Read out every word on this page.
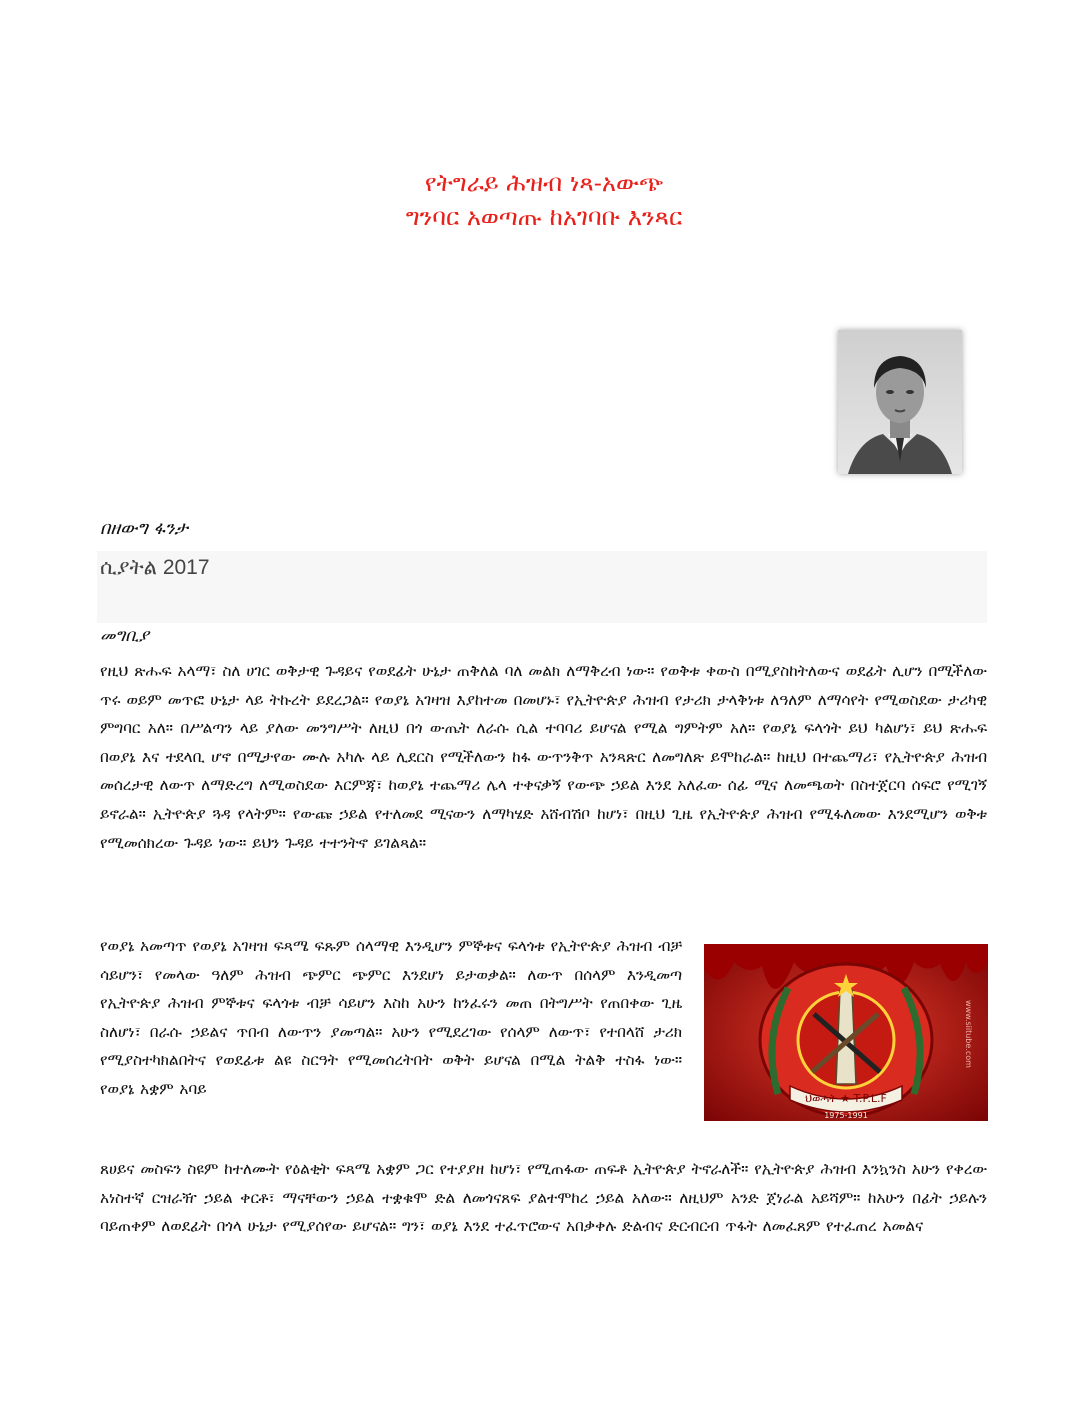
የትግራይ ሕዝብ ነጻ-አውጭ
ግንባር አወጣጡ ከአገባቡ እንጻር
በዘውግ ፋንታ
ሲያትል 2017
መግቢያ

የዚህ ጽሑፍ አላማ፣ ስለ ሀገር ወቅታዊ ጉዳይና የወደፊት ሁኔታ ጠቅለል ባለ መልክ ለማቅረብ ነው። የወቅቱ ቀውስ በሚያስከትለውና ወደፊት ሊሆን በሚችለው ጥሩ ወይም መጥፎ ሁኔታ ላይ ትኩረት ይደረጋል። የወያኔ አገዛዝ እያከተመ በመሆኑ፣ የኢትዮጵያ ሕዝብ የታሪክ ታላቅነቱ ለዓለም ለማሳየት የሚወስደው ታሪካዊ ምግባር አለ። በሥልጣን ላይ ያለው መንግሥት ለዚህ በጎ ውጤት ለራሱ ሲል ተባባሪ ይሆናል የሚል ግምትም አለ። የወያኔ ፍላጎት ይህ ካልሆነ፣ ይህ ጽሑፍ በወያኔ እና ተደላቢ ሆኖ በሚታየው ሙሉ አካሉ ላይ ሊደርስ የሚችለውን ከፋ ውጥንቅጥ አንጻጽር ለመግለጽ ይሞከራል። ከዚህ በተጨማሪ፣ የኢትዮጵያ ሕዝብ መሰረታዊ ለውጥ ለማድረግ ለሚወስደው እርምጃ፣ ከወያኔ ተጨማሪ ሌላ ተቀናቃኝ የውጭ ኃይል እንደ አለፈው ሰፊ ሚና ለመጫወት በስተጀርባ ሰፍሮ የሚገኝ ይኖራል። ኢትዮጵያ ጓዳ የላትም። የውጩ ኃይል የተለመደ ሚናውን ለማካሄድ አሸብሽቦ ከሆነ፣ በዚህ ጊዜ የኢትዮጵያ ሕዝብ የሚፋለመው እንደሚሆን ወቅቱ የሚመሰክረው ጉዳይ ነው። ይህን ጉዳይ ተተንትኖ ይገልጻል።

የወያኔ አመጣጥ የወያኔ አገዛዝ ፍጻሜ ፍጹም ሰላማዊ እንዲሆን ምኞቱና ፍላጎቱ የኢትዮጵያ ሕዝብ ብቻ ሳይሆን፣ የመላው ዓለም ሕዝብ ጭምር ጭምር እንደሆነ ይታወቃል። ለውጥ በሰላም እንዲመጣ የኢትዮጵያ ሕዝብ ምኞቱና ፍላጎቱ ብቻ ሳይሆን እስከ አሁን ከንፈሩን መጠ በትግሥት የጠበቀው ጊዜ ስለሆነ፣ በራሱ ኃይልና ጥበብ ለውጥን ያመጣል። አሁን የሚደረገው የሰላም ለውጥ፣ የተበላሸ ታሪክ የሚያስተካክልበትና የወደፊቱ ልዩ ስርዓት የሚመሰረትበት ወቅት ይሆናል በሚል ትልቅ ተስፋ ነው። የወያኔ አቋም አባይ

ህወሓት ★ T.P.L.F
1975-1991
www.siitube.com

ጸሀይና መስፍን ስዩም ከተለሙት የዕልቂት ፍጻሜ አቋም ጋር የተያያዘ ከሆነ፣ የሚጠፋው ጠፍቶ ኢትዮጵያ ትኖራለች። የኢትዮጵያ ሕዝብ እንኳንስ አሁን የቀረው አነስተኛ ርዝራዥ ኃይል ቀርቶ፣ ማናቸውን ኃይል ተቋቁሞ ድል ለመጎናጸፍ ያልተሞከረ ኃይል አለው። ለዚህም አንድ ጀነራል አይሻም። ከአሁን በፊት ኃይሉን ባይጠቀም ለወደፊት በጎላ ሁኔታ የሚያሰየው ይሆናል። ግን፣ ወያኔ እንደ ተፈጥሮውና አበቃቀሉ ድልብና ድርብርብ ጥፋት ለመፈጸም የተፈጠረ አመልና
